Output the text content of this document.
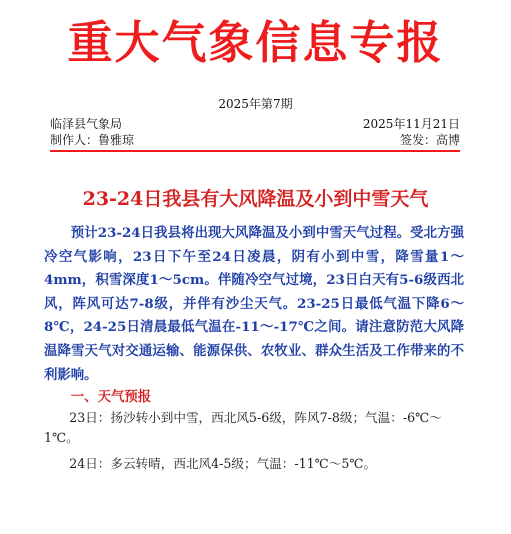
重大气象信息专报
2025年第7期
临泽县气象局	2025年11月21日
制作人：鲁雅琼	签发：高博
23-24日我县有大风降温及小到中雪天气

预计23-24日我县将出现大风降温及小到中雪天气过程。受北方强冷空气影响，23日下午至24日凌晨，阴有小到中雪，降雪量1～4mm，积雪深度1～5cm。伴随冷空气过境，23日白天有5-6级西北风，阵风可达7-8级，并伴有沙尘天气。23-25日最低气温下降6～8℃，24-25日清晨最低气温在-11～-17℃之间。请注意防范大风降温降雪天气对交通运输、能源保供、农牧业、群众生活及工作带来的不利影响。

一、天气预报

23日：扬沙转小到中雪，西北风5-6级，阵风7-8级；气温：-6℃～1℃。

24日：多云转晴，西北风4-5级；气温：-11℃～5℃。
